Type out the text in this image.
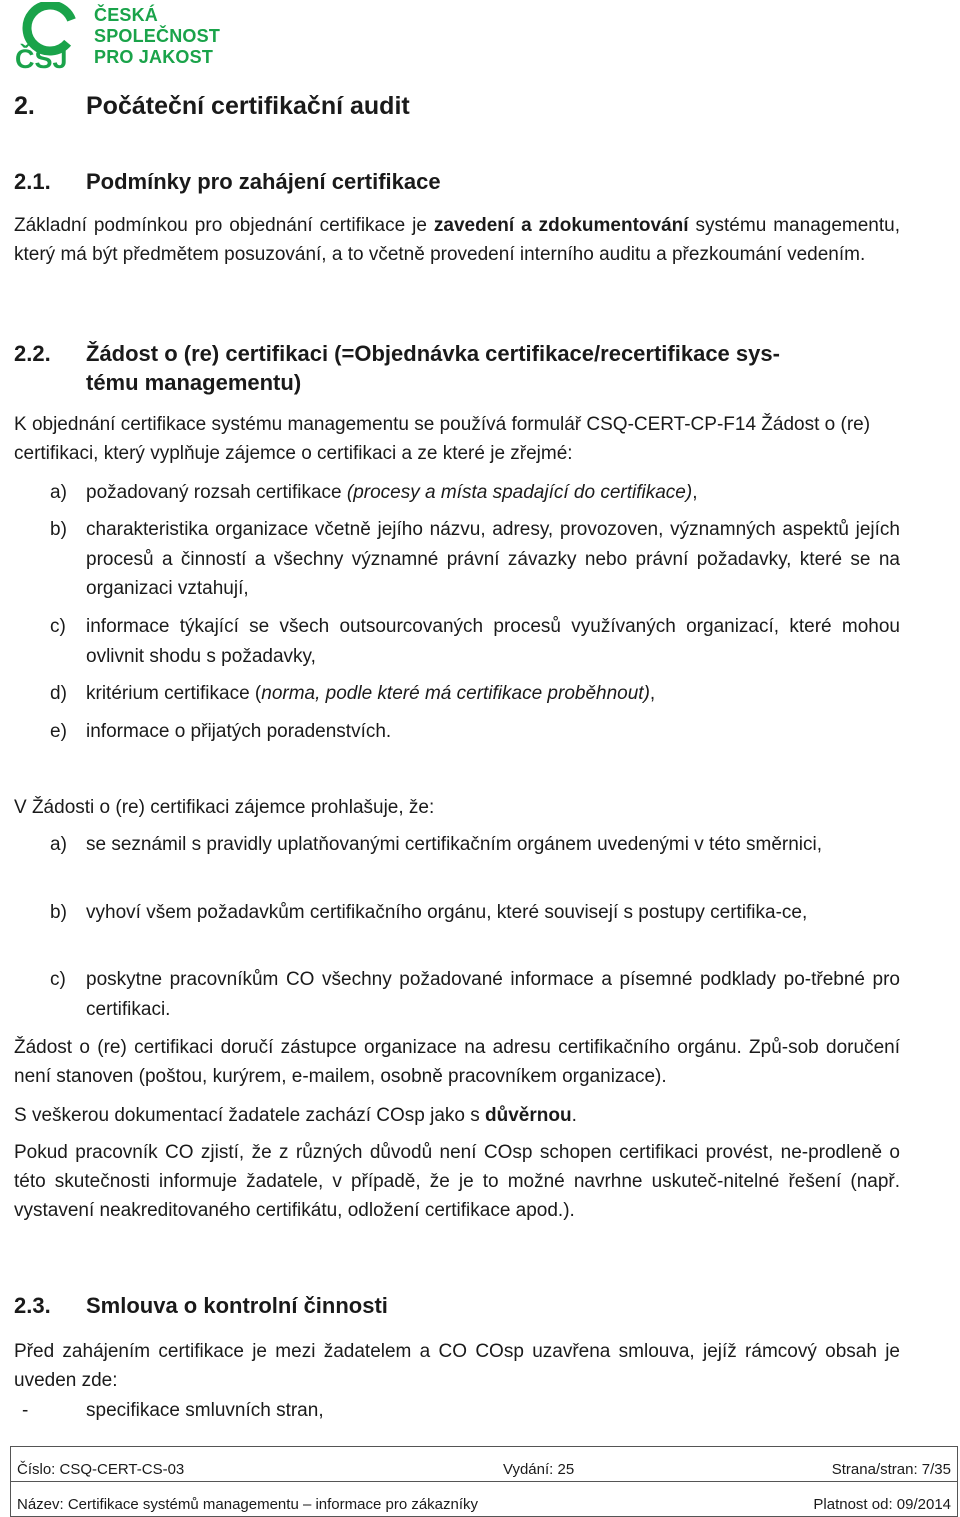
ČSJ
ČESKÁ
SPOLEČNOST
PRO JAKOST
2. Počáteční certifikační audit
2.1. Podmínky pro zahájení certifikace

Základní podmínkou pro objednání certifikace je zavedení a zdokumentování systému managementu, který má být předmětem posuzování, a to včetně provedení interního auditu a přezkoumání vedením.

2.2. Žádost o (re) certifikaci (=Objednávka certifikace/recertifikace sys-
tému managementu)

K objednání certifikace systému managementu se používá formulář CSQ-CERT-CP-F14 Žádost o (re) certifikaci, který vyplňuje zájemce o certifikaci a ze které je zřejmé:

a) požadovaný rozsah certifikace (procesy a místa spadající do certifikace),
b) charakteristika organizace včetně jejího názvu, adresy, provozoven, významných aspektů jejích procesů a činností a všechny významné právní závazky nebo právní požadavky, které se na organizaci vztahují,
c) informace týkající se všech outsourcovaných procesů využívaných organizací, které mohou ovlivnit shodu s požadavky,
d) kritérium certifikace (norma, podle které má certifikace proběhnout),
e) informace o přijatých poradenstvích.

V Žádosti o (re) certifikaci zájemce prohlašuje, že:

a) se seznámil s pravidly uplatňovanými certifikačním orgánem uvedenými v této směrnici,
b) vyhoví všem požadavkům certifikačního orgánu, které souvisejí s postupy certifika-ce,
c) poskytne pracovníkům CO všechny požadované informace a písemné podklady po-třebné pro certifikaci.

Žádost o (re) certifikaci doručí zástupce organizace na adresu certifikačního orgánu. Způ-sob doručení není stanoven (poštou, kurýrem, e-mailem, osobně pracovníkem organizace).

S veškerou dokumentací žadatele zachází COsp jako s důvěrnou.

Pokud pracovník CO zjistí, že z různých důvodů není COsp schopen certifikaci provést, ne-prodleně o této skutečnosti informuje žadatele, v případě, že je to možné navrhne uskuteč-nitelné řešení (např. vystavení neakreditovaného certifikátu, odložení certifikace apod.).

2.3. Smlouva o kontrolní činnosti

Před zahájením certifikace je mezi žadatelem a CO COsp uzavřena smlouva, jejíž rámcový obsah je uveden zde:

-	specifikace smluvních stran,
Číslo: CSQ-CERT-CS-03	Vydání: 25	Strana/stran: 7/35

Název: Certifikace systémů managementu – informace pro zákazníky	Platnost od: 09/2014
